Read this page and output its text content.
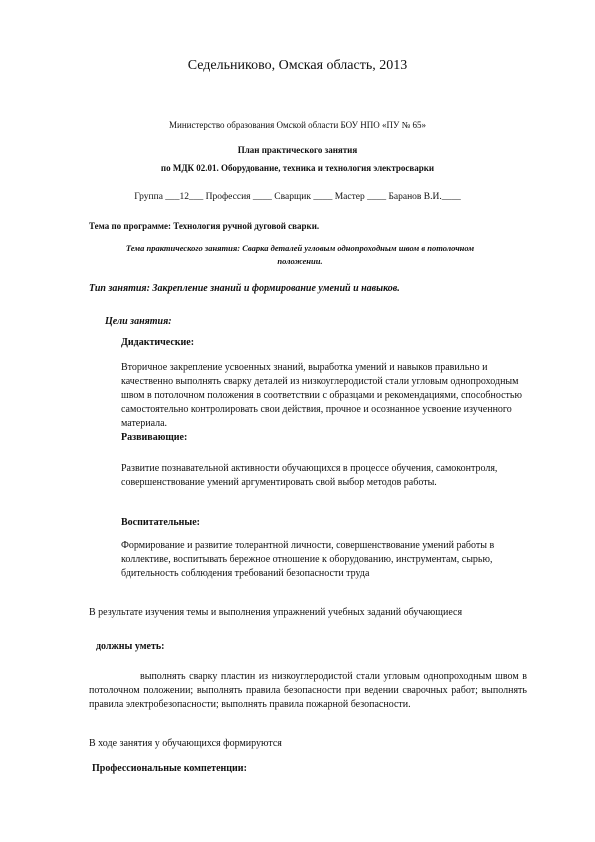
Седельниково, Омская область, 2013
Министерство образования Омской области БОУ НПО «ПУ № 65»
План практического занятия
по МДК 02.01. Оборудование, техника и технология электросварки
Группа ___12___ Профессия ____ Сварщик ____ Мастер ____ Баранов В.И.____
Тема по программе: Технология ручной дуговой сварки.
Тема практического занятия: Сварка деталей угловым однопроходным швом в потолочном положении.
Тип занятия: Закрепление знаний и формирование умений и навыков.
Цели занятия:
Дидактические:

Вторичное закрепление усвоенных знаний, выработка умений и навыков правильно и качественно выполнять сварку деталей из низкоуглеродистой стали угловым однопроходным швом в потолочном положения в соответствии с образцами и рекомендациями, способностью самостоятельно контролировать свои действия, прочное и осознанное усвоение изученного материала.

Развивающие:

Развитие познавательной активности обучающихся в процессе обучения, самоконтроля, совершенствование умений аргументировать свой выбор методов работы.

Воспитательные:

Формирование и развитие толерантной личности, совершенствование умений работы в коллективе, воспитывать бережное отношение к оборудованию, инструментам, сырью, бдительность соблюдения требований безопасности труда

В результате изучения темы и выполнения упражнений учебных заданий обучающиеся
должны уметь:

выполнять сварку пластин из низкоуглеродистой стали угловым однопроходным швом в потолочном положении; выполнять правила безопасности при ведении сварочных работ; выполнять правила электробезопасности; выполнять правила пожарной безопасности.

В ходе занятия у обучающихся формируются
Профессиональные компетенции:
